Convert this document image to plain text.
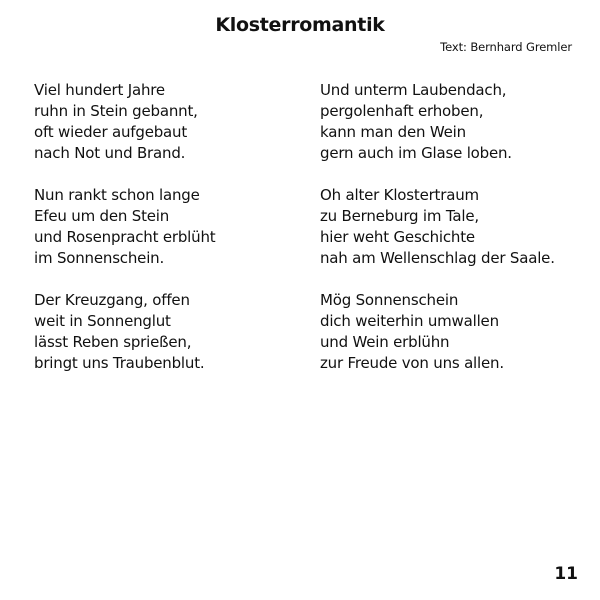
Klosterromantik
Text: Bernhard Gremler
Viel hundert Jahre
ruhn in Stein gebannt,
oft wieder aufgebaut
nach Not und Brand.
Nun rankt schon lange
Efeu um den Stein
und Rosenpracht erblüht
im Sonnenschein.
Der Kreuzgang, offen
weit in Sonnenglut
lässt Reben sprießen,
bringt uns Traubenblut.
Und unterm Laubendach,
pergolenhaft erhoben,
kann man den Wein
gern auch im Glase loben.
Oh alter Klostertraum
zu Berneburg im Tale,
hier weht Geschichte
nah am Wellenschlag der Saale.
Mög Sonnenschein
dich weiterhin umwallen
und Wein erblühn
zur Freude von uns allen.
11
